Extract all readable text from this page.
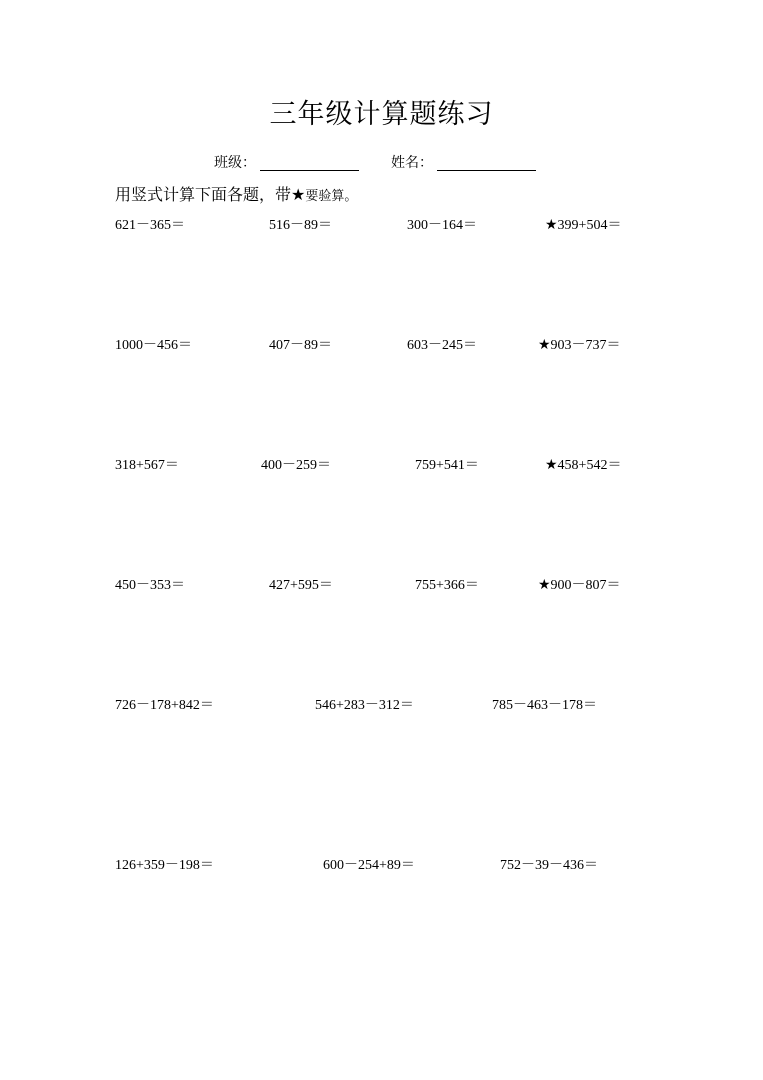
三年级计算题练习
班级：	姓名：
用竖式计算下面各题，带★要验算。
621－365＝	516－89＝	300－164＝	★399+504＝
1000－456＝	407－89＝	603－245＝	★903－737＝
318+567＝	400－259＝	759+541＝	★458+542＝
450－353＝	427+595＝	755+366＝	★900－807＝
726－178+842＝	546+283－312＝	785－463－178＝
126+359－198＝	600－254+89＝	752－39－436＝
